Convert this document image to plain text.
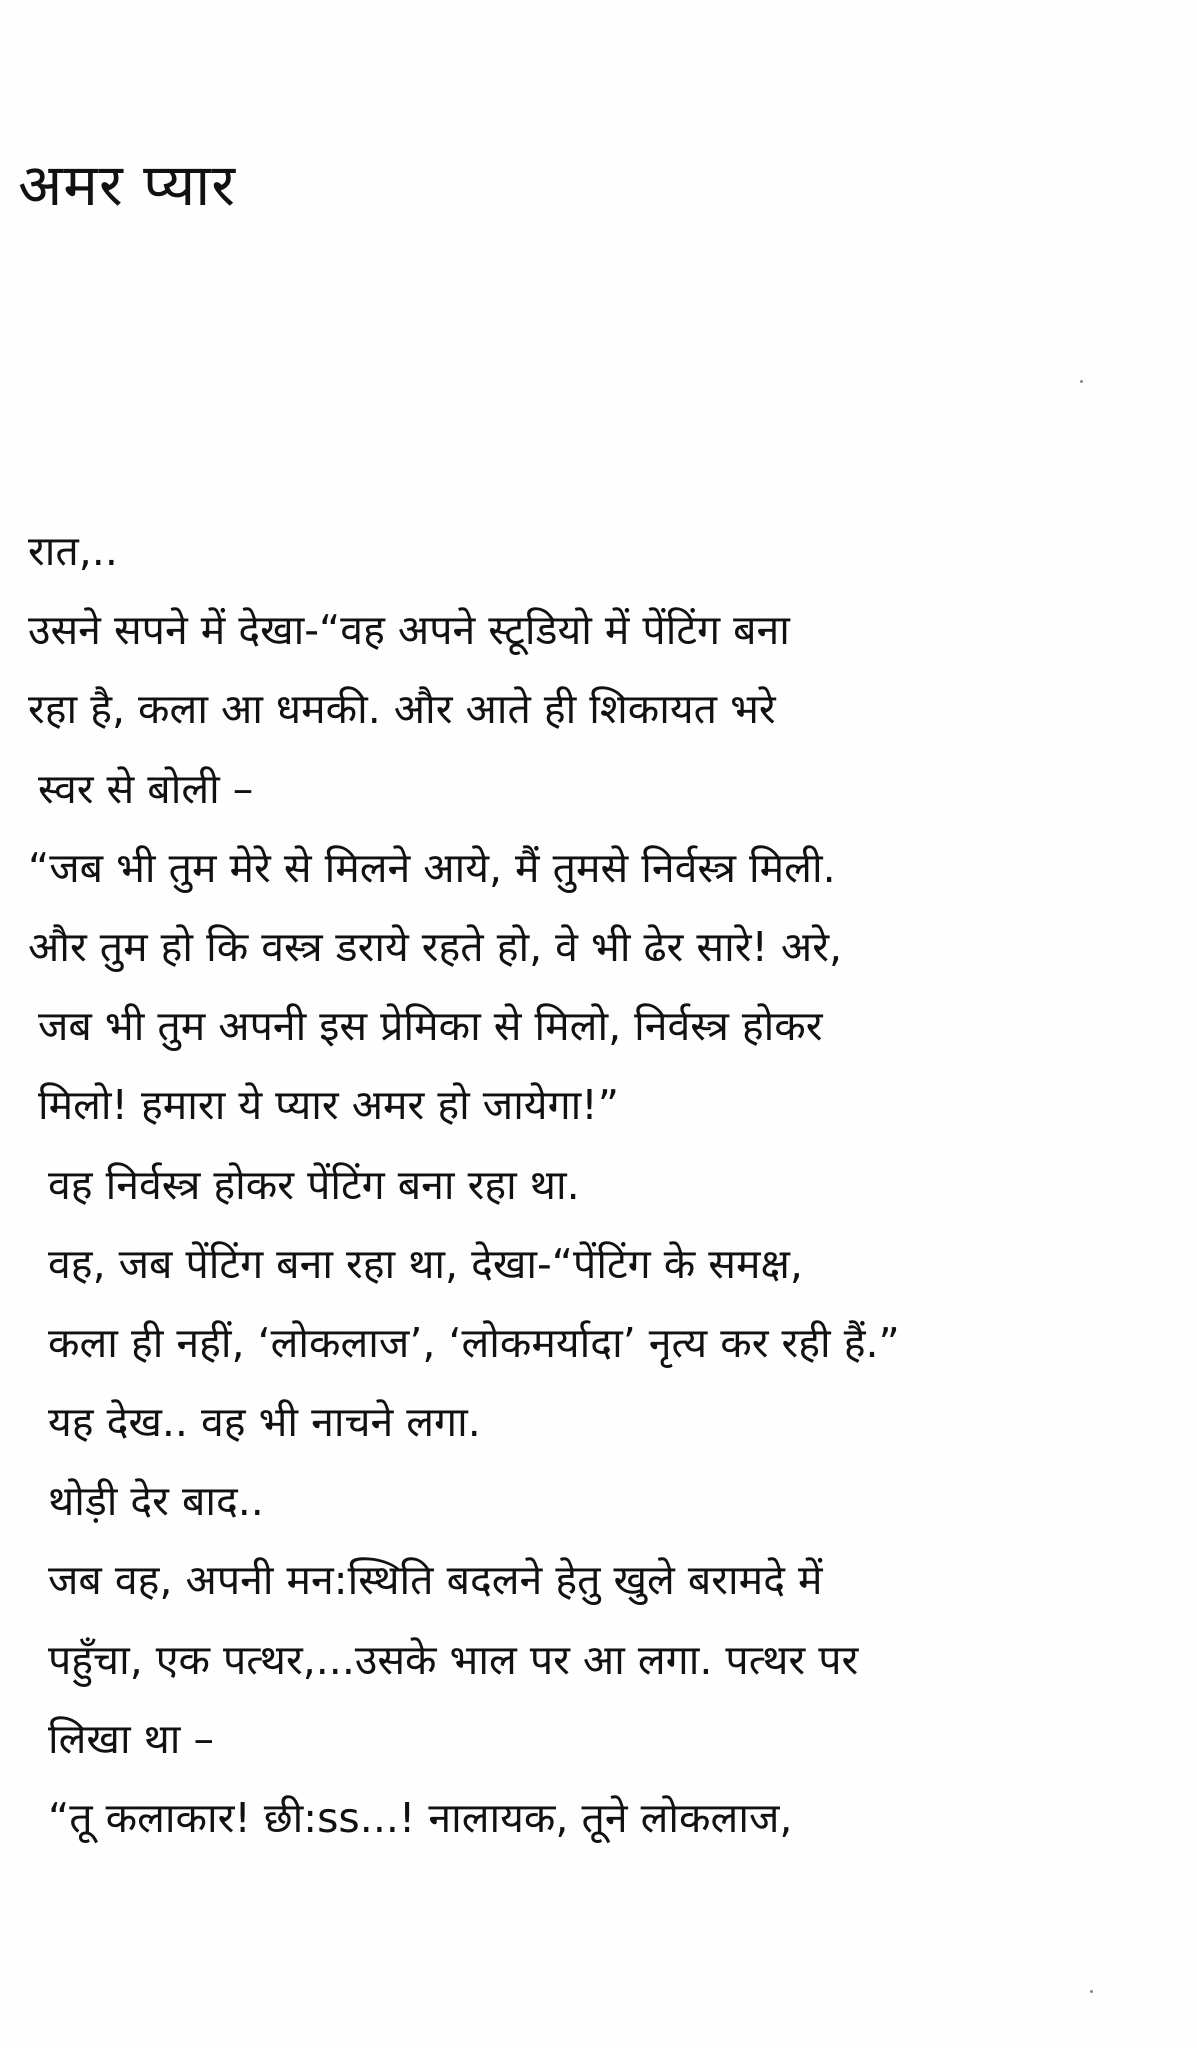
अमर प्यार
रात,..
उसने सपने में देखा-“वह अपने स्टूडियो में पेंटिंग बना
रहा है, कला आ धमकी. और आते ही शिकायत भरे
स्वर से बोली –
“जब भी तुम मेरे से मिलने आये, मैं तुमसे निर्वस्त्र मिली.
और तुम हो कि वस्त्र डराये रहते हो, वे भी ढेर सारे! अरे,
जब भी तुम अपनी इस प्रेमिका से मिलो, निर्वस्त्र होकर
मिलो! हमारा ये प्यार अमर हो जायेगा!”
वह निर्वस्त्र होकर पेंटिंग बना रहा था.
वह, जब पेंटिंग बना रहा था, देखा-“पेंटिंग के समक्ष,
कला ही नहीं, ‘लोकलाज’, ‘लोकमर्यादा’ नृत्य कर रही हैं.”
यह देख.. वह भी नाचने लगा.
थोड़ी देर बाद..
जब वह, अपनी मन:स्थिति बदलने हेतु खुले बरामदे में
पहुँचा, एक पत्थर,...उसके भाल पर आ लगा. पत्थर पर
लिखा था –
“तू कलाकार! छी:ss...! नालायक, तूने लोकलाज,
